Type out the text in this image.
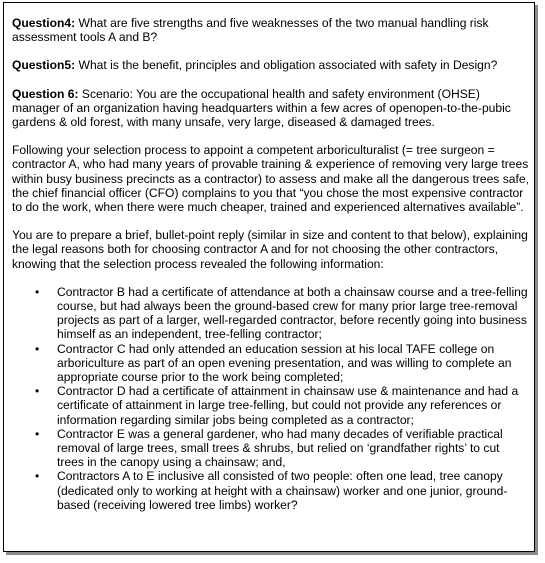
Question4: What are five strengths and five weaknesses of the two manual handling risk assessment tools A and B?

Question5: What is the benefit, principles and obligation associated with safety in Design?

Question 6: Scenario: You are the occupational health and safety environment (OHSE) manager of an organization having headquarters within a few acres of openopen-to-the-pubic gardens & old forest, with many unsafe, very large, diseased & damaged trees.

Following your selection process to appoint a competent arboriculturalist (= tree surgeon = contractor A, who had many years of provable training & experience of removing very large trees within busy business precincts as a contractor) to assess and make all the dangerous trees safe, the chief financial officer (CFO) complains to you that “you chose the most expensive contractor to do the work, when there were much cheaper, trained and experienced alternatives available”.

You are to prepare a brief, bullet-point reply (similar in size and content to that below), explaining the legal reasons both for choosing contractor A and for not choosing the other contractors, knowing that the selection process revealed the following information:

• Contractor B had a certificate of attendance at both a chainsaw course and a tree-felling course, but had always been the ground-based crew for many prior large tree-removal projects as part of a larger, well-regarded contractor, before recently going into business himself as an independent, tree-felling contractor;
• Contractor C had only attended an education session at his local TAFE college on arboriculture as part of an open evening presentation, and was willing to complete an appropriate course prior to the work being completed;
• Contractor D had a certificate of attainment in chainsaw use & maintenance and had a certificate of attainment in large tree-felling, but could not provide any references or information regarding similar jobs being completed as a contractor;
• Contractor E was a general gardener, who had many decades of verifiable practical removal of large trees, small trees & shrubs, but relied on ‘grandfather rights’ to cut trees in the canopy using a chainsaw; and,
• Contractors A to E inclusive all consisted of two people: often one lead, tree canopy (dedicated only to working at height with a chainsaw) worker and one junior, ground-based (receiving lowered tree limbs) worker?
